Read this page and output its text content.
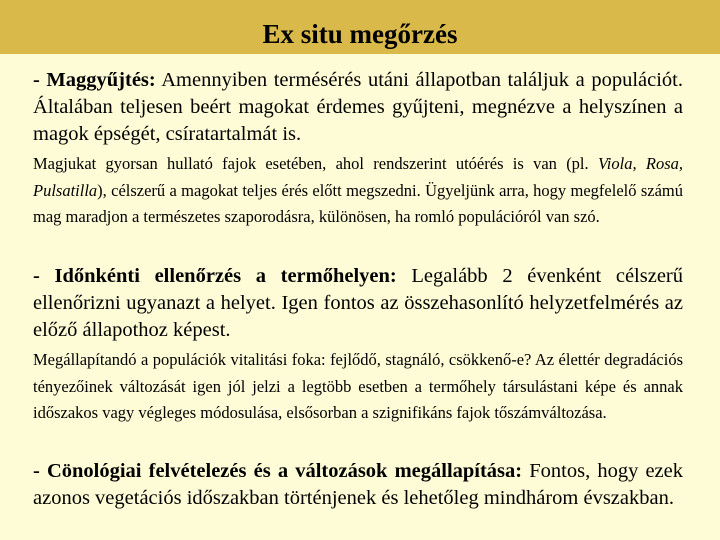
Ex situ megőrzés
- Maggyűjtés: Amennyiben termésérés utáni állapotban találjuk a populációt. Általában teljesen beért magokat érdemes gyűjteni, megnézve a helyszínen a magok épségét, csíratartalmát is.
Magjukat gyorsan hullató fajok esetében, ahol rendszerint utóérés is van (pl. Viola, Rosa, Pulsatilla), célszerű a magokat teljes érés előtt megszedni. Ügyeljünk arra, hogy megfelelő számú mag maradjon a természetes szaporodásra, különösen, ha romló populációról van szó.
- Időnkénti ellenőrzés a termőhelyen: Legalább 2 évenként célszerű ellenőrizni ugyanazt a helyet. Igen fontos az összehasonlító helyzetfelmérés az előző állapothoz képest.
Megállapítandó a populációk vitalitási foka: fejlődő, stagnáló, csökkenő-e? Az élettér degradációs tényezőinek változását igen jól jelzi a legtöbb esetben a termőhely társulástani képe és annak időszakos vagy végleges módosulása, elsősorban a szignifikáns fajok tőszámváltozása.
- Cönológiai felvételezés és a változások megállapítása: Fontos, hogy ezek azonos vegetációs időszakban történjenek és lehetőleg mindhárom évszakban.
